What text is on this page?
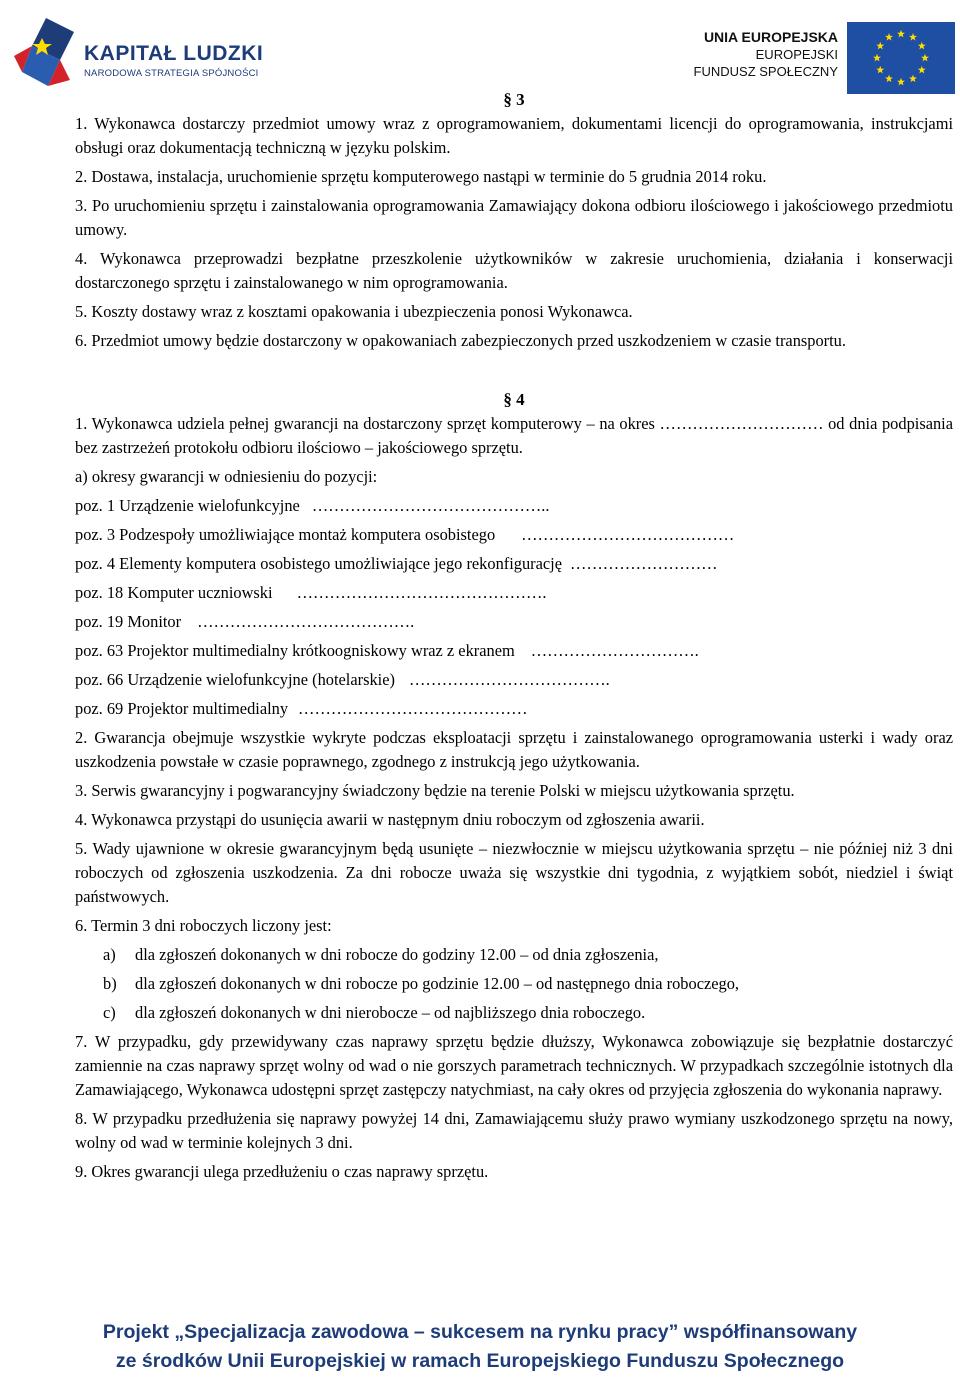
KAPITAŁ LUDZKI
NARODOWA STRATEGIA SPÓJNOŚCI
UNIA EUROPEJSKA
EUROPEJSKI
FUNDUSZ SPOŁECZNY
§ 3
1. Wykonawca dostarczy przedmiot umowy wraz z oprogramowaniem, dokumentami licencji do oprogramowania, instrukcjami obsługi oraz dokumentacją techniczną w języku polskim.
2. Dostawa, instalacja, uruchomienie sprzętu komputerowego nastąpi w terminie do 5 grudnia 2014 roku.
3. Po uruchomieniu sprzętu i zainstalowania oprogramowania Zamawiający dokona odbioru ilościowego i jakościowego przedmiotu umowy.
4. Wykonawca przeprowadzi bezpłatne przeszkolenie użytkowników w zakresie uruchomienia, działania i konserwacji dostarczonego sprzętu i zainstalowanego w nim oprogramowania.
5. Koszty dostawy wraz z kosztami opakowania i ubezpieczenia ponosi Wykonawca.
6. Przedmiot umowy będzie dostarczony w opakowaniach zabezpieczonych przed uszkodzeniem w czasie transportu.
§ 4
1. Wykonawca udziela pełnej gwarancji na dostarczony sprzęt komputerowy – na okres ………………………… od dnia podpisania bez zastrzeżeń protokołu odbioru ilościowo – jakościowego sprzętu.
a) okresy gwarancji w odniesieniu do pozycji:
poz. 1 Urządzenie wielofunkcyjne ……………………………………..
poz. 3 Podzespoły umożliwiające montaż komputera osobistego …………………………………
poz. 4 Elementy komputera osobistego umożliwiające jego rekonfigurację ………………………
poz. 18 Komputer uczniowski ……………………………………….
poz. 19 Monitor ………………………………….
poz. 63 Projektor multimedialny krótkoogniskowy wraz z ekranem ………………………….
poz. 66 Urządzenie wielofunkcyjne (hotelarskie) ……………………………….
poz. 69 Projektor multimedialny ……………………………………
2. Gwarancja obejmuje wszystkie wykryte podczas eksploatacji sprzętu i zainstalowanego oprogramowania usterki i wady oraz uszkodzenia powstałe w czasie poprawnego, zgodnego z instrukcją jego użytkowania.
3. Serwis gwarancyjny i pogwarancyjny świadczony będzie na terenie Polski w miejscu użytkowania sprzętu.
4. Wykonawca przystąpi do usunięcia awarii w następnym dniu roboczym od zgłoszenia awarii.
5. Wady ujawnione w okresie gwarancyjnym będą usunięte – niezwłocznie w miejscu użytkowania sprzętu – nie później niż 3 dni roboczych od zgłoszenia uszkodzenia. Za dni robocze uważa się wszystkie dni tygodnia, z wyjątkiem sobót, niedziel i świąt państwowych.
6. Termin 3 dni roboczych liczony jest:
a)	dla zgłoszeń dokonanych w dni robocze do godziny 12.00 – od dnia zgłoszenia,
b)	dla zgłoszeń dokonanych w dni robocze po godzinie 12.00 – od następnego dnia roboczego,
c)	dla zgłoszeń dokonanych w dni nierobocze – od najbliższego dnia roboczego.
7. W przypadku, gdy przewidywany czas naprawy sprzętu będzie dłuższy, Wykonawca zobowiązuje się bezpłatnie dostarczyć zamiennie na czas naprawy sprzęt wolny od wad o nie gorszych parametrach technicznych. W przypadkach szczególnie istotnych dla Zamawiającego, Wykonawca udostępni sprzęt zastępczy natychmiast, na cały okres od przyjęcia zgłoszenia do wykonania naprawy.
8. W przypadku przedłużenia się naprawy powyżej 14 dni, Zamawiającemu służy prawo wymiany uszkodzonego sprzętu na nowy, wolny od wad w terminie kolejnych 3 dni.
9. Okres gwarancji ulega przedłużeniu o czas naprawy sprzętu.
Projekt „Specjalizacja zawodowa – sukcesem na rynku pracy” współfinansowany
ze środków Unii Europejskiej w ramach Europejskiego Funduszu Społecznego
